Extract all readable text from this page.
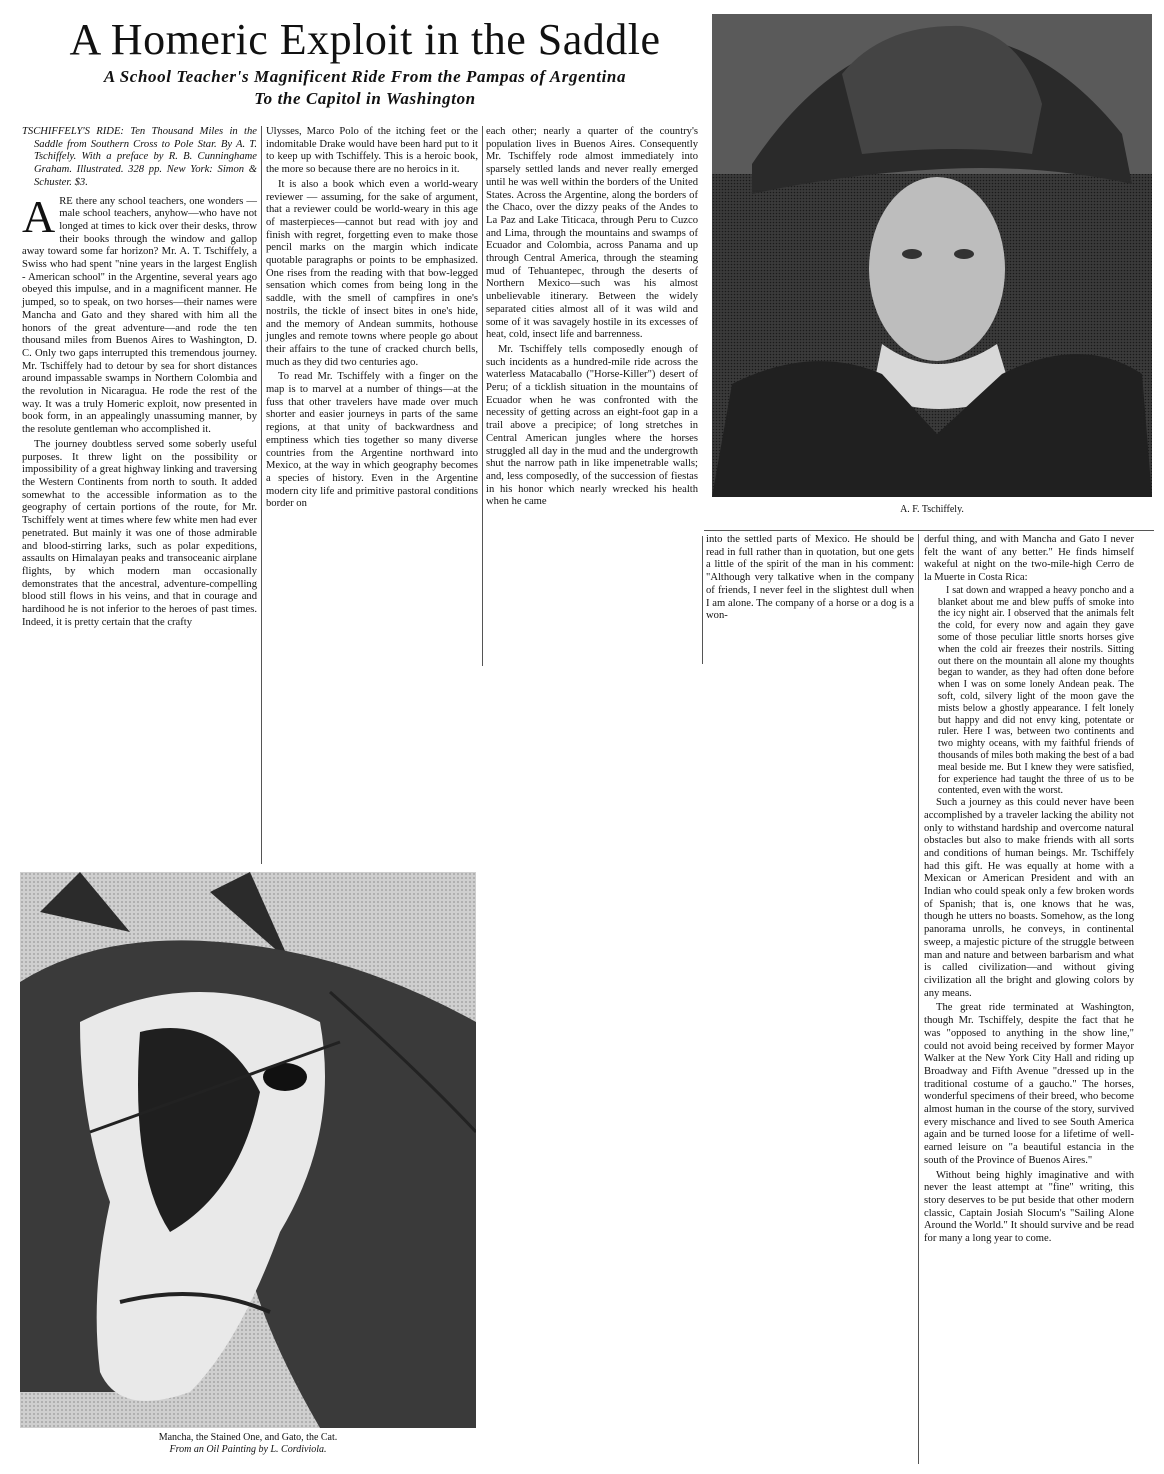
A Homeric Exploit in the Saddle
A School Teacher's Magnificent Ride From the Pampas of Argentina
To the Capitol in Washington

TSCHIFFELY'S RIDE: Ten Thousand Miles in the Saddle from Southern Cross to Pole Star. By A. T. Tschiffely. With a preface by R. B. Cunninghame Graham. Illustrated. 328 pp. New York: Simon & Schuster. $3.

ARE there any school teachers, one wonders — male school teachers, anyhow—who have not longed at times to kick over their desks, throw their books through the window and gallop away toward some far horizon? Mr. A. T. Tschiffely, a Swiss who had spent "nine years in the largest English - American school" in the Argentine, several years ago obeyed this impulse, and in a magnificent manner. He jumped, so to speak, on two horses—their names were Mancha and Gato and they shared with him all the honors of the great adventure—and rode the ten thousand miles from Buenos Aires to Washington, D. C. Only two gaps interrupted this tremendous journey. Mr. Tschiffely had to detour by sea for short distances around impassable swamps in Northern Colombia and the revolution in Nicaragua. He rode the rest of the way. It was a truly Homeric exploit, now presented in book form, in an appealingly unassuming manner, by the resolute gentleman who accomplished it.

The journey doubtless served some soberly useful purposes. It threw light on the possibility or impossibility of a great highway linking and traversing the Western Continents from north to south. It added somewhat to the accessible information as to the geography of certain portions of the route, for Mr. Tschiffely went at times where few white men had ever penetrated. But mainly it was one of those admirable and blood-stirring larks, such as polar expeditions, assaults on Himalayan peaks and transoceanic airplane flights, by which modern man occasionally demonstrates that the ancestral, adventure-compelling blood still flows in his veins, and that in courage and hardihood he is not inferior to the heroes of past times. Indeed, it is pretty certain that the crafty

Ulysses, Marco Polo of the itching feet or the indomitable Drake would have been hard put to it to keep up with Tschiffely. This is a heroic book, the more so because there are no heroics in it.

It is also a book which even a world-weary reviewer — assuming, for the sake of argument, that a reviewer could be world-weary in this age of masterpieces—cannot but read with joy and finish with regret, forgetting even to make those pencil marks on the margin which indicate quotable paragraphs or points to be emphasized. One rises from the reading with that bow-legged sensation which comes from being long in the saddle, with the smell of campfires in one's nostrils, the tickle of insect bites in one's hide, and the memory of Andean summits, hothouse jungles and remote towns where people go about their affairs to the tune of cracked church bells, much as they did two centuries ago.

To read Mr. Tschiffely with a finger on the map is to marvel at a number of things—at the fuss that other travelers have made over much shorter and easier journeys in parts of the same regions, at that unity of backwardness and emptiness which ties together so many diverse countries from the Argentine northward into Mexico, at the way in which geography becomes a species of history. Even in the Argentine modern city life and primitive pastoral conditions border on

each other; nearly a quarter of the country's population lives in Buenos Aires. Consequently Mr. Tschiffely rode almost immediately into sparsely settled lands and never really emerged until he was well within the borders of the United States. Across the Argentine, along the borders of the Chaco, over the dizzy peaks of the Andes to La Paz and Lake Titicaca, through Peru to Cuzco and Lima, through the mountains and swamps of Ecuador and Colombia, across Panama and up through Central America, through the steaming mud of Tehuantepec, through the deserts of Northern Mexico—such was his almost unbelievable itinerary. Between the widely separated cities almost all of it was wild and some of it was savagely hostile in its excesses of heat, cold, insect life and barrenness.

Mr. Tschiffely tells composedly enough of such incidents as a hundred-mile ride across the waterless Matacaballo ("Horse-Killer") desert of Peru; of a ticklish situation in the mountains of Ecuador when he was confronted with the necessity of getting across an eight-foot gap in a trail above a precipice; of long stretches in Central American jungles where the horses struggled all day in the mud and the undergrowth shut the narrow path in like impenetrable walls; and, less composedly, of the succession of fiestas in his honor which nearly wrecked his health when he came

A. F. Tschiffely.

into the settled parts of Mexico. He should be read in full rather than in quotation, but one gets a little of the spirit of the man in his comment: "Although very talkative when in the company of friends, I never feel in the slightest dull when I am alone. The company of a horse or a dog is a won-

derful thing, and with Mancha and Gato I never felt the want of any better." He finds himself wakeful at night on the two-mile-high Cerro de la Muerte in Costa Rica:

I sat down and wrapped a heavy poncho and a blanket about me and blew puffs of smoke into the icy night air. I observed that the animals felt the cold, for every now and again they gave some of those peculiar little snorts horses give when the cold air freezes their nostrils. Sitting out there on the mountain all alone my thoughts began to wander, as they had often done before when I was on some lonely Andean peak. The soft, cold, silvery light of the moon gave the mists below a ghostly appearance. I felt lonely but happy and did not envy king, potentate or ruler. Here I was, between two continents and two mighty oceans, with my faithful friends of thousands of miles both making the best of a bad meal beside me. But I knew they were satisfied, for experience had taught the three of us to be contented, even with the worst.

Such a journey as this could never have been accomplished by a traveler lacking the ability not only to withstand hardship and overcome natural obstacles but also to make friends with all sorts and conditions of human beings. Mr. Tschiffely had this gift. He was equally at home with a Mexican or American President and with an Indian who could speak only a few broken words of Spanish; that is, one knows that he was, though he utters no boasts. Somehow, as the long panorama unrolls, he conveys, in continental sweep, a majestic picture of the struggle between man and nature and between barbarism and what is called civilization—and without giving civilization all the bright and glowing colors by any means.

The great ride terminated at Washington, though Mr. Tschiffely, despite the fact that he was "opposed to anything in the show line," could not avoid being received by former Mayor Walker at the New York City Hall and riding up Broadway and Fifth Avenue "dressed up in the traditional costume of a gaucho." The horses, wonderful specimens of their breed, who become almost human in the course of the story, survived every mischance and lived to see South America again and be turned loose for a lifetime of well-earned leisure on "a beautiful estancia in the south of the Province of Buenos Aires."

Without being highly imaginative and with never the least attempt at "fine" writing, this story deserves to be put beside that other modern classic, Captain Josiah Slocum's "Sailing Alone Around the World." It should survive and be read for many a long year to come.

Mancha, the Stained One, and Gato, the Cat.
From an Oil Painting by L. Cordiviola.
